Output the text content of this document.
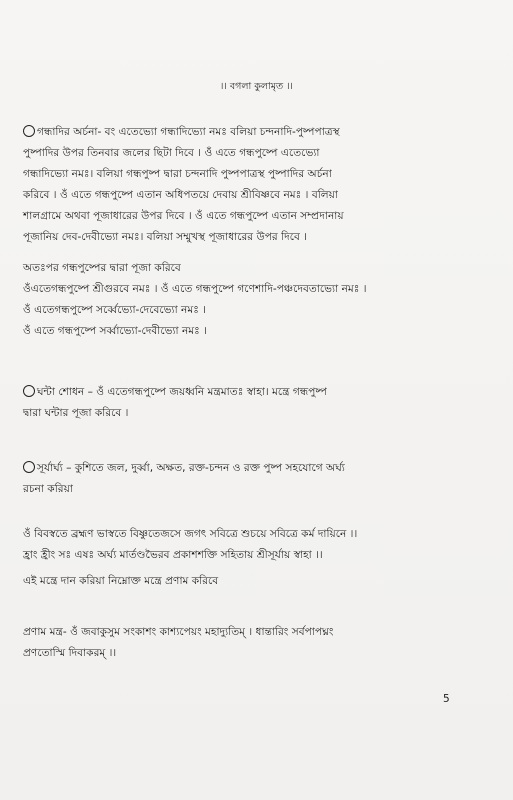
।। বগলা কুলামৃত ।।
গন্ধাদির অর্চনা- বং এতেভ্যো গন্ধাদিভ্যো নমঃ বলিয়া চন্দনাদি-পুষ্পপাত্রস্থ
পুষ্পাদির উপর তিনবার জলের ছিটা দিবে । ওঁ এতে গন্ধপুষ্পে এতেভ্যো
গন্ধাদিভ্যো নমঃ। বলিয়া গন্ধপুষ্প দ্বারা চন্দনাদি পুষ্পপাত্রস্থ পুষ্পাদির অর্চনা
করিবে । ওঁ এতে গন্ধপুষ্পে এতান অধিপতয়ে দেবায় শ্রীবিষ্ণবে নমঃ । বলিয়া
শালগ্রামে অথবা পূজাধারের উপর দিবে । ওঁ এতে গন্ধপুষ্পে এতান সম্প্রদানায়
পূজানিয় দেব-দেবীভ্যো নমঃ। বলিয়া সম্মুখস্থ পূজাধারের উপর দিবে ।
অতঃপর গন্ধপুষ্পের দ্বারা পূজা করিবে
ওঁএতেগন্ধপুষ্পে শ্রীগুরবে নমঃ । ওঁ এতে গন্ধপুষ্পে গণেশাদি-পঞ্চদেবতাভ্যো নমঃ ।
ওঁ এতেগন্ধপুষ্পে সর্ব্বেভ্যো-দেবেভ্যো নমঃ ।
ওঁ এতে গন্ধপুষ্পে সর্ব্বাভ্যো-দেবীভ্যো নমঃ ।
ঘন্টা শোধন – ওঁ এতেগন্ধপুষ্পে জয়ধ্বনি মন্ত্রমাতঃ স্বাহা। মন্ত্রে গন্ধপুষ্প
দ্বারা ঘন্টার পূজা করিবে ।
সূর্যার্ঘ্য – কুশিতে জল, দুর্ব্বা, অক্ষত, রক্ত-চন্দন ও রক্ত পুষ্প সহযোগে অর্ঘ্য
রচনা করিয়া
ওঁ বিবস্বতে ব্রহ্মণ ভাস্বতে বিষ্ণুতেজসে জগৎ সবিত্রে শুচয়ে সবিত্রে কর্ম দায়িনে ।।
হ্রাং হ্রীং সঃ এষঃ অর্ঘ্য মার্তণ্ডভৈরব প্রকাশশক্তি সহিতায় শ্রীসূর্যায় স্বাহা ।।
এই মন্ত্রে দান করিয়া নিম্নোক্ত মন্ত্রে প্রণাম করিবে
প্রণাম মন্ত্র- ওঁ জবাকুসুম সংকাশং কাশ্যপেয়ং মহাদ্যুতিম্ । ধান্তারিং সর্বপাপঘ্নং
প্রণতোস্মি দিবাকরম্ ।।
5
